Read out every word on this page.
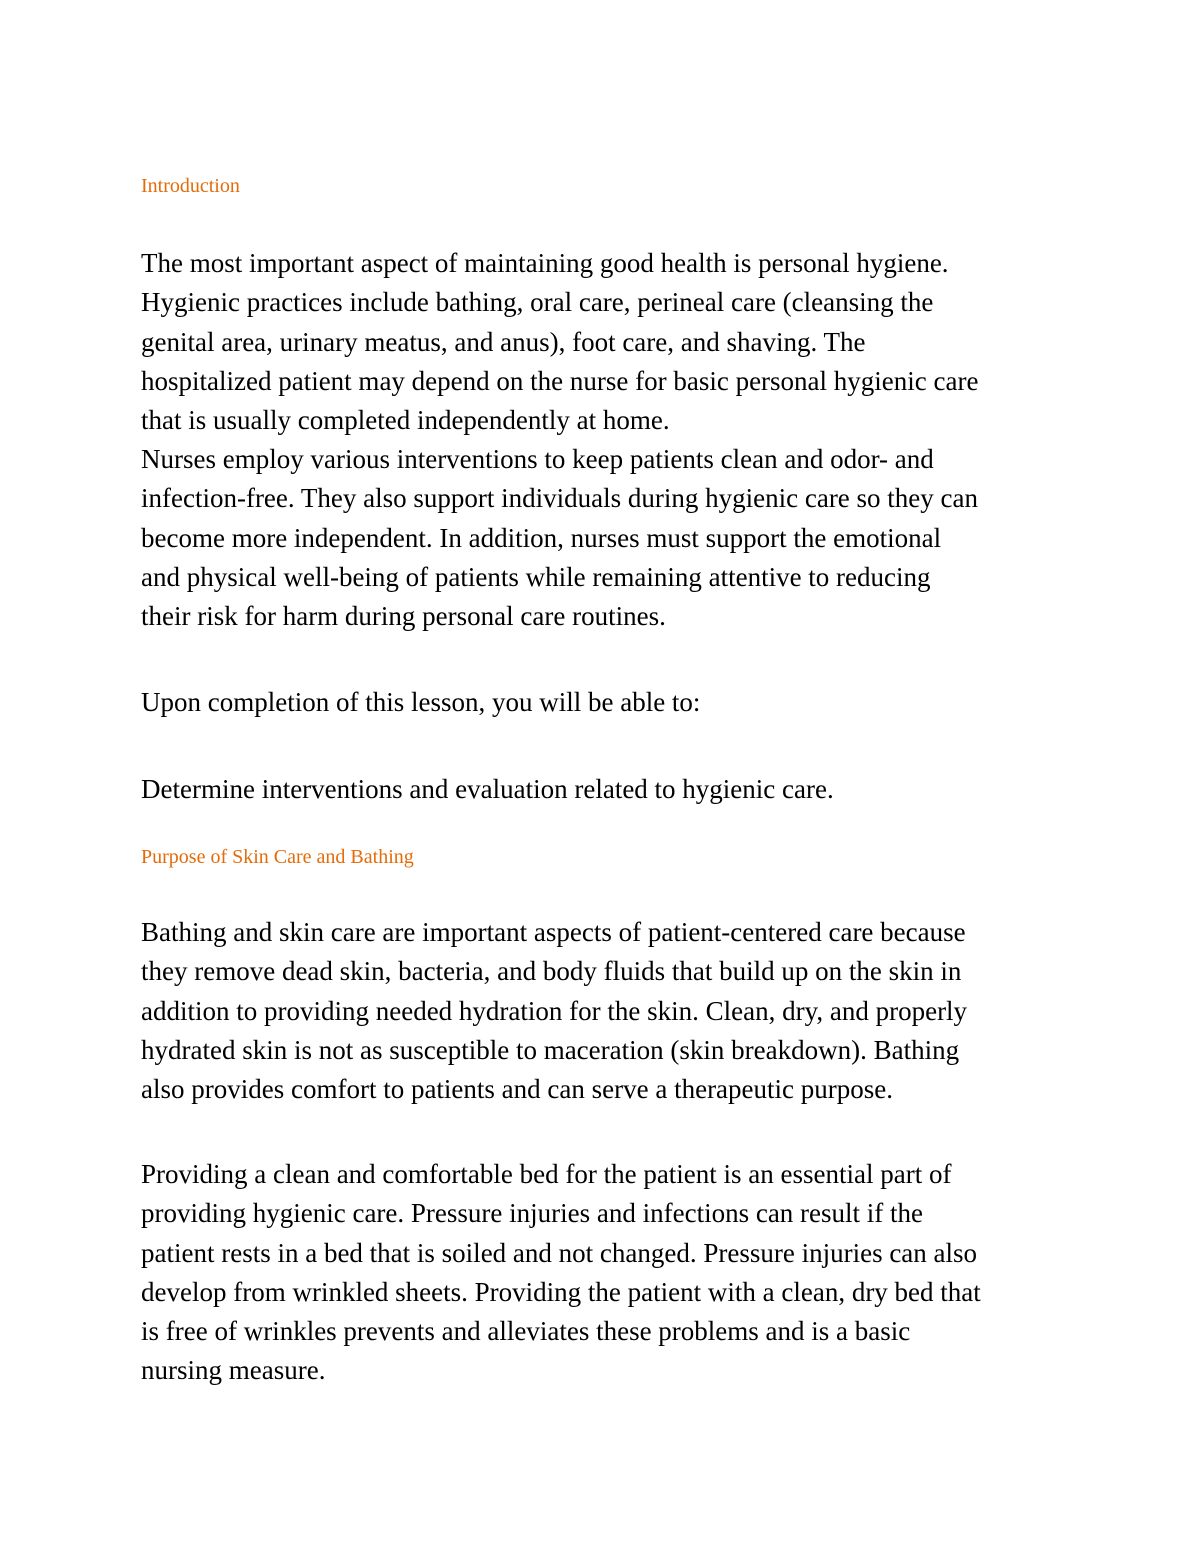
Introduction

The most important aspect of maintaining good health is personal hygiene.
Hygienic practices include bathing, oral care, perineal care (cleansing the
genital area, urinary meatus, and anus), foot care, and shaving. The
hospitalized patient may depend on the nurse for basic personal hygienic care
that is usually completed independently at home.

Nurses employ various interventions to keep patients clean and odor- and
infection-free. They also support individuals during hygienic care so they can
become more independent. In addition, nurses must support the emotional
and physical well-being of patients while remaining attentive to reducing
their risk for harm during personal care routines.

Upon completion of this lesson, you will be able to:

Determine interventions and evaluation related to hygienic care.

Purpose of Skin Care and Bathing

Bathing and skin care are important aspects of patient-centered care because
they remove dead skin, bacteria, and body fluids that build up on the skin in
addition to providing needed hydration for the skin. Clean, dry, and properly
hydrated skin is not as susceptible to maceration (skin breakdown). Bathing
also provides comfort to patients and can serve a therapeutic purpose.

Providing a clean and comfortable bed for the patient is an essential part of
providing hygienic care. Pressure injuries and infections can result if the
patient rests in a bed that is soiled and not changed. Pressure injuries can also
develop from wrinkled sheets. Providing the patient with a clean, dry bed that
is free of wrinkles prevents and alleviates these problems and is a basic
nursing measure.
